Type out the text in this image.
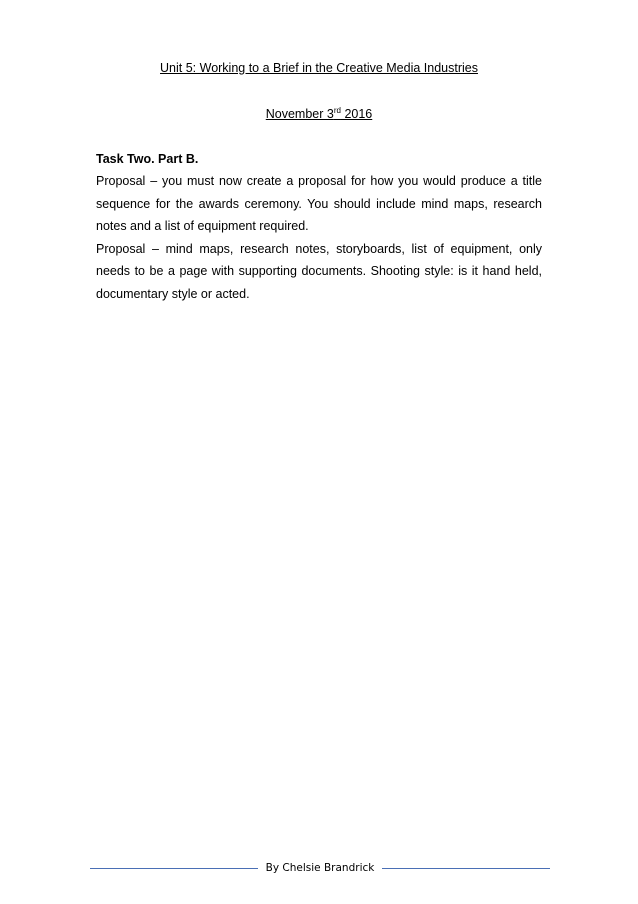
Unit 5: Working to a Brief in the Creative Media Industries
November 3rd 2016
Task Two. Part B.

Proposal – you must now create a proposal for how you would produce a title sequence for the awards ceremony. You should include mind maps, research notes and a list of equipment required.

Proposal – mind maps, research notes, storyboards, list of equipment, only needs to be a page with supporting documents. Shooting style: is it hand held, documentary style or acted.

By Chelsie Brandrick
